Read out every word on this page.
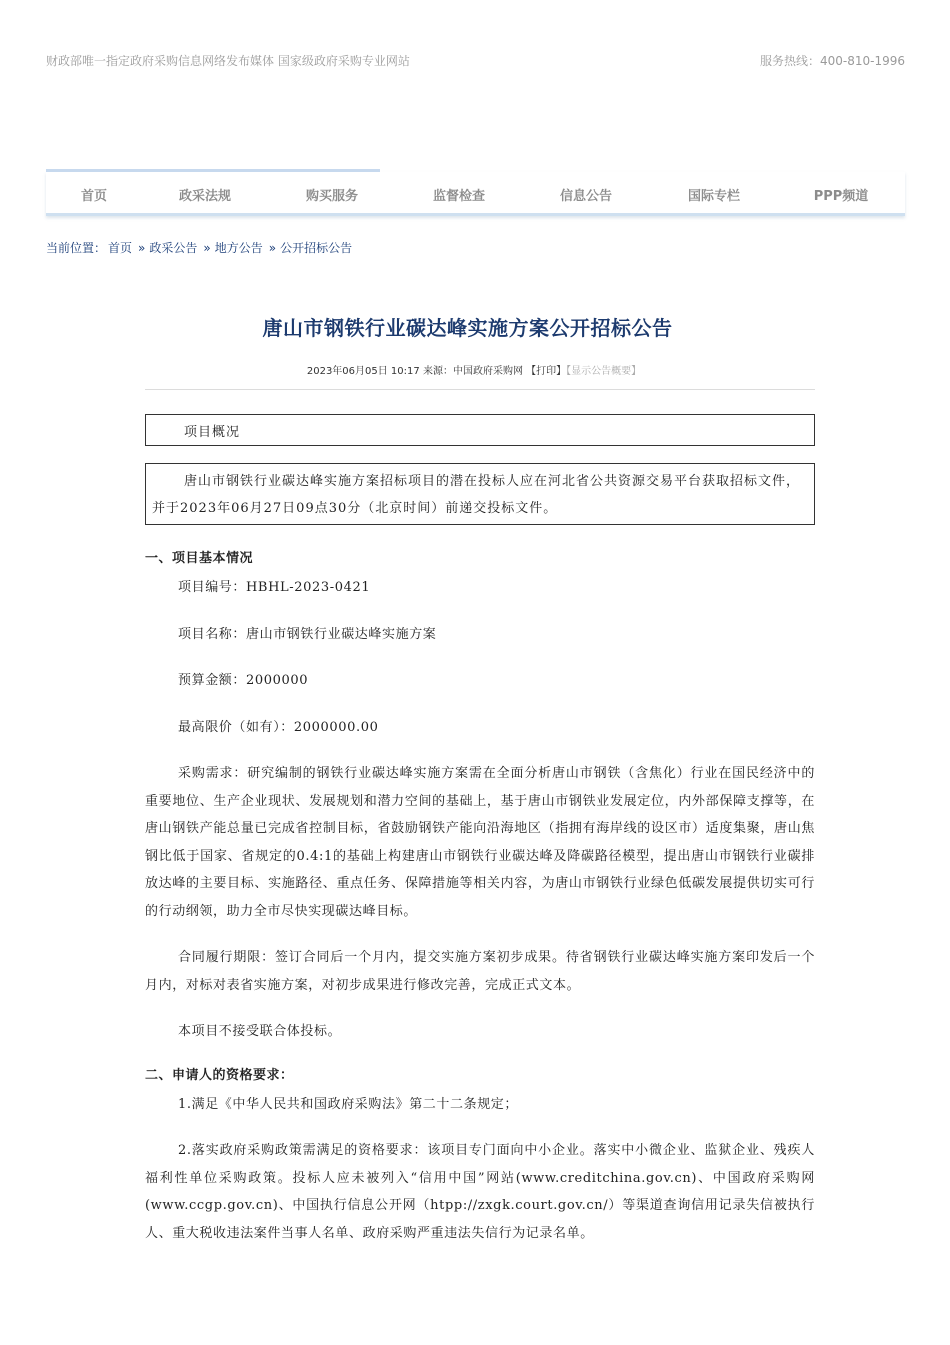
财政部唯一指定政府采购信息网络发布媒体 国家级政府采购专业网站	服务热线：400-810-1996
首页	政采法规	购买服务	监督检查	信息公告	国际专栏	PPP频道
当前位置： 首页 » 政采公告 » 地方公告 » 公开招标公告
唐山市钢铁行业碳达峰实施方案公开招标公告
2023年06月05日 10:17 来源：中国政府采购网 【打印】【显示公告概要】
项目概况
唐山市钢铁行业碳达峰实施方案招标项目的潜在投标人应在河北省公共资源交易平台获取招标文件，并于2023年06月27日09点30分（北京时间）前递交投标文件。
一、项目基本情况
项目编号：HBHL-2023-0421
项目名称：唐山市钢铁行业碳达峰实施方案
预算金额：2000000
最高限价（如有）：2000000.00
采购需求：研究编制的钢铁行业碳达峰实施方案需在全面分析唐山市钢铁（含焦化）行业在国民经济中的重要地位、生产企业现状、发展规划和潜力空间的基础上，基于唐山市钢铁业发展定位，内外部保障支撑等，在唐山钢铁产能总量已完成省控制目标，省鼓励钢铁产能向沿海地区（指拥有海岸线的设区市）适度集聚，唐山焦钢比低于国家、省规定的0.4:1的基础上构建唐山市钢铁行业碳达峰及降碳路径模型，提出唐山市钢铁行业碳排放达峰的主要目标、实施路径、重点任务、保障措施等相关内容，为唐山市钢铁行业绿色低碳发展提供切实可行的行动纲领，助力全市尽快实现碳达峰目标。
合同履行期限：签订合同后一个月内，提交实施方案初步成果。待省钢铁行业碳达峰实施方案印发后一个月内，对标对表省实施方案，对初步成果进行修改完善，完成正式文本。
本项目不接受联合体投标。
二、申请人的资格要求：
1.满足《中华人民共和国政府采购法》第二十二条规定；
2.落实政府采购政策需满足的资格要求：该项目专门面向中小企业。落实中小微企业、监狱企业、残疾人福利性单位采购政策。投标人应未被列入“信用中国”网站(www.creditchina.gov.cn)、中国政府采购网(www.ccgp.gov.cn)、中国执行信息公开网（htpp://zxgk.court.gov.cn/）等渠道查询信用记录失信被执行人、重大税收违法案件当事人名单、政府采购严重违法失信行为记录名单。
